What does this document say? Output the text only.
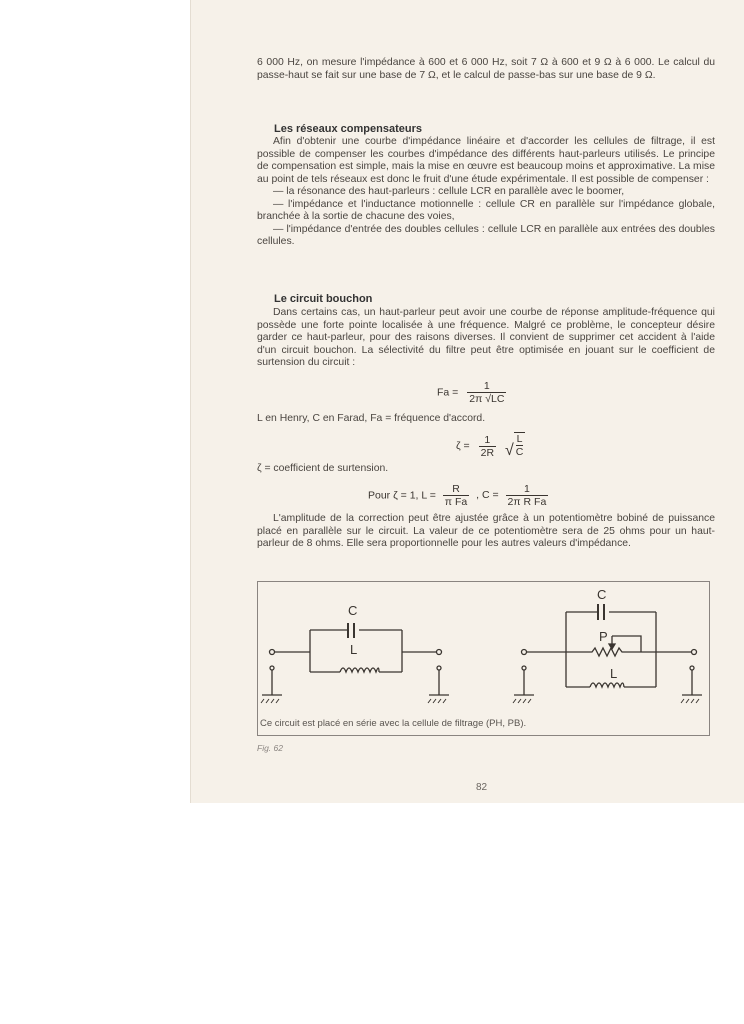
6 000 Hz, on mesure l'impédance à 600 et 6 000 Hz, soit 7 Ω à 600 et 9 Ω à 6 000. Le calcul du passe-haut se fait sur une base de 7 Ω, et le calcul de passe-bas sur une base de 9 Ω.

Les réseaux compensateurs

Afin d'obtenir une courbe d'impédance linéaire et d'accorder les cellules de filtrage, il est possible de compenser les courbes d'impédance des différents haut-parleurs utilisés. Le principe de compensation est simple, mais la mise en œuvre est beaucoup moins et approximative. La mise au point de tels réseaux est donc le fruit d'une étude expérimentale. Il est possible de compenser :

— la résonance des haut-parleurs : cellule LCR en parallèle avec le boomer,

— l'impédance et l'inductance motionnelle : cellule CR en parallèle sur l'impédance globale, branchée à la sortie de chacune des voies,

— l'impédance d'entrée des doubles cellules : cellule LCR en parallèle aux entrées des doubles cellules.

Le circuit bouchon

Dans certains cas, un haut-parleur peut avoir une courbe de réponse amplitude-fréquence qui possède une forte pointe localisée à une fréquence. Malgré ce problème, le concepteur désire garder ce haut-parleur, pour des raisons diverses. Il convient de supprimer cet accident à l'aide d'un circuit bouchon. La sélectivité du filtre peut être optimisée en jouant sur le coefficient de surtension du circuit :

$Fa = \frac{1}{2\pi √LC}$

L en Henry, C en Farad, Fa = fréquence d'accord.

$\zeta = \frac{1}{2R}$ √ $\frac{L}{C}$

ζ = coefficient de surtension.

Pour ζ = 1, $L = \frac{R}{\text{π Fa}}$ , $C = \frac{1}{\text{2π R Fa}}$

L'amplitude de la correction peut être ajustée grâce à un potentiomètre bobiné de puissance placé en parallèle sur le circuit. La valeur de ce potentiomètre sera de 25 ohms pour un haut-parleur de 8 ohms. Elle sera proportionnelle pour les autres valeurs d'impédance.

C
L
C
P
L
Ce circuit est placé en série avec la cellule de filtrage (PH, PB).
Fig. 62
82
